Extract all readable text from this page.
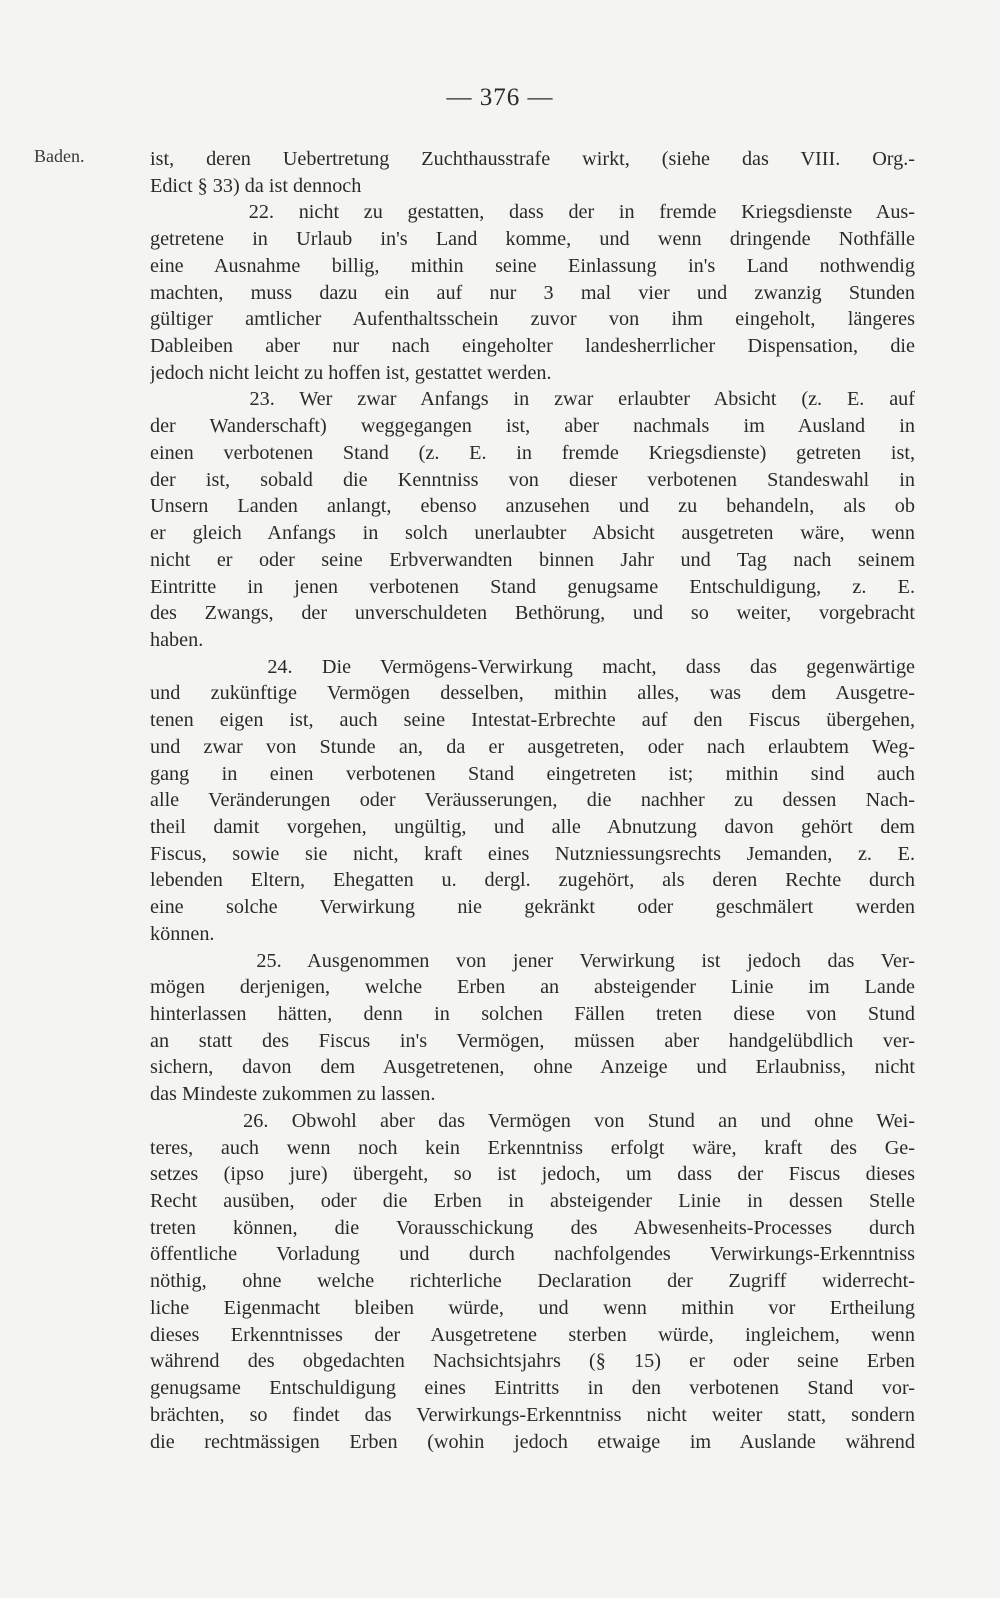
— 376 —
Baden.	ist, deren Uebertretung Zuchthausstrafe wirkt, (siehe das VIII. Org.-
Edict § 33) da ist dennoch
22. nicht zu gestatten, dass der in fremde Kriegsdienste Aus-
getretene in Urlaub in's Land komme, und wenn dringende Nothfälle
eine Ausnahme billig, mithin seine Einlassung in's Land nothwendig
machten, muss dazu ein auf nur 3 mal vier und zwanzig Stunden
gültiger amtlicher Aufenthaltsschein zuvor von ihm eingeholt, längeres
Dableiben aber nur nach eingeholter landesherrlicher Dispensation, die
jedoch nicht leicht zu hoffen ist, gestattet werden.
23. Wer zwar Anfangs in zwar erlaubter Absicht (z. E. auf
der Wanderschaft) weggegangen ist, aber nachmals im Ausland in
einen verbotenen Stand (z. E. in fremde Kriegsdienste) getreten ist,
der ist, sobald die Kenntniss von dieser verbotenen Standeswahl in
Unsern Landen anlangt, ebenso anzusehen und zu behandeln, als ob
er gleich Anfangs in solch unerlaubter Absicht ausgetreten wäre, wenn
nicht er oder seine Erbverwandten binnen Jahr und Tag nach seinem
Eintritte in jenen verbotenen Stand genugsame Entschuldigung, z. E.
des Zwangs, der unverschuldeten Bethörung, und so weiter, vorgebracht
haben.
24. Die Vermögens-Verwirkung macht, dass das gegenwärtige
und zukünftige Vermögen desselben, mithin alles, was dem Ausgetre-
tenen eigen ist, auch seine Intestat-Erbrechte auf den Fiscus übergehen,
und zwar von Stunde an, da er ausgetreten, oder nach erlaubtem Weg-
gang in einen verbotenen Stand eingetreten ist; mithin sind auch
alle Veränderungen oder Veräusserungen, die nachher zu dessen Nach-
theil damit vorgehen, ungültig, und alle Abnutzung davon gehört dem
Fiscus, sowie sie nicht, kraft eines Nutzniessungsrechts Jemanden, z. E.
lebenden Eltern, Ehegatten u. dergl. zugehört, als deren Rechte durch
eine solche Verwirkung nie gekränkt oder geschmälert werden
können.
25. Ausgenommen von jener Verwirkung ist jedoch das Ver-
mögen derjenigen, welche Erben an absteigender Linie im Lande
hinterlassen hätten, denn in solchen Fällen treten diese von Stund
an statt des Fiscus in's Vermögen, müssen aber handgelübdlich ver-
sichern, davon dem Ausgetretenen, ohne Anzeige und Erlaubniss, nicht
das Mindeste zukommen zu lassen.
26. Obwohl aber das Vermögen von Stund an und ohne Wei-
teres, auch wenn noch kein Erkenntniss erfolgt wäre, kraft des Ge-
setzes (ipso jure) übergeht, so ist jedoch, um dass der Fiscus dieses
Recht ausüben, oder die Erben in absteigender Linie in dessen Stelle
treten können, die Vorausschickung des Abwesenheits-Processes durch
öffentliche Vorladung und durch nachfolgendes Verwirkungs-Erkenntniss
nöthig, ohne welche richterliche Declaration der Zugriff widerrecht-
liche Eigenmacht bleiben würde, und wenn mithin vor Ertheilung
dieses Erkenntnisses der Ausgetretene sterben würde, ingleichem, wenn
während des obgedachten Nachsichtsjahrs (§ 15) er oder seine Erben
genugsame Entschuldigung eines Eintritts in den verbotenen Stand vor-
brächten, so findet das Verwirkungs-Erkenntniss nicht weiter statt, sondern
die rechtmässigen Erben (wohin jedoch etwaige im Auslande während
